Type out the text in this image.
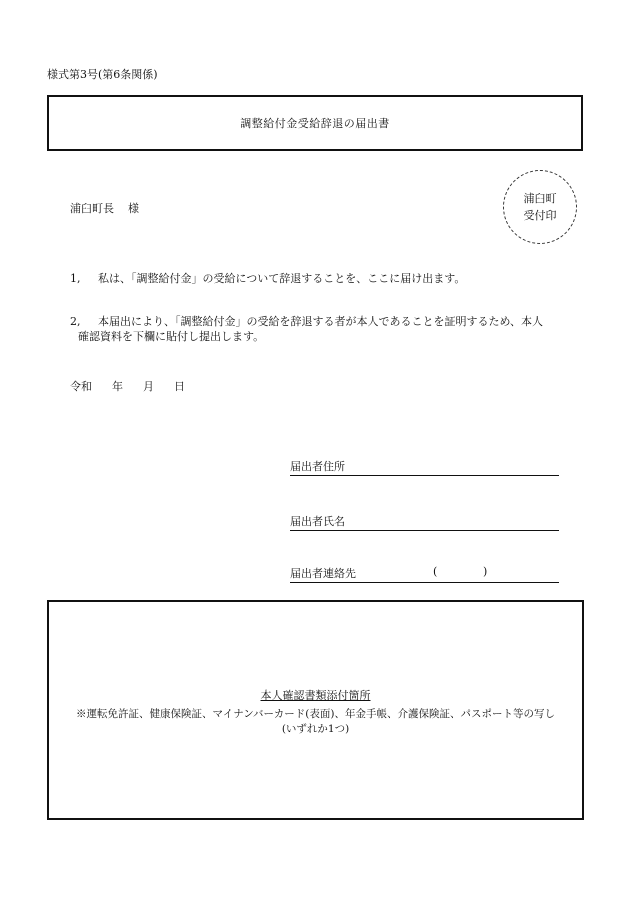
様式第3号(第6条関係)
調整給付金受給辞退の届出書
浦臼町長 様
浦臼町
受付印
1,	私は、「調整給付金」の受給について辞退することを、ここに届け出ます。
2,	本届出により、「調整給付金」の受給を辞退する者が本人であることを証明するため、本人
確認資料を下欄に貼付し提出します。
令和 年 月 日
届出者住所
届出者氏名
届出者連絡先	(	)
本人確認書類添付箇所
※運転免許証、健康保険証、マイナンバーカード(表面)、年金手帳、介護保険証、パスポート等の写し
(いずれか1つ)
